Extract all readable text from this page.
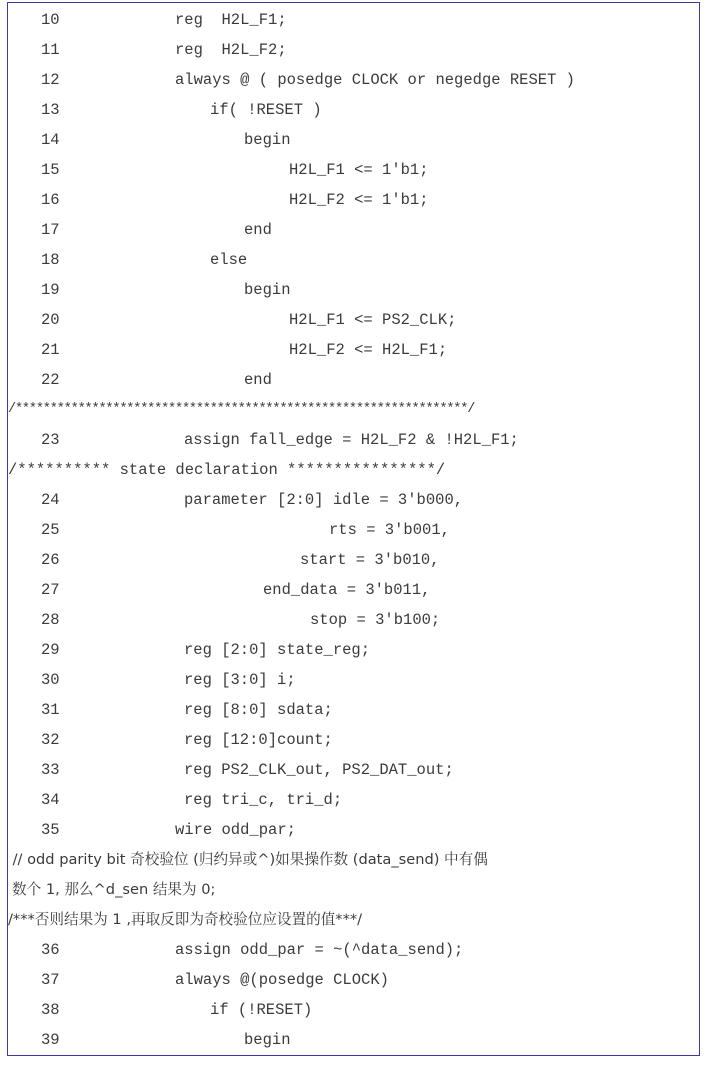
10	reg  H2L_F1;
11	reg  H2L_F2;
12	always @ ( posedge CLOCK or negedge RESET )
13	if( !RESET )
14	begin
15	H2L_F1 <= 1'b1;
16	H2L_F2 <= 1'b1;
17	end
18	else
19	begin
20	H2L_F1 <= PS2_CLK;
21	H2L_F2 <= H2L_F1;
22	end
/*****************************************************************/
23	assign fall_edge = H2L_F2 & !H2L_F1;
/********** state declaration ****************/
24	parameter [2:0] idle = 3'b000,
25	rts = 3'b001,
26	start = 3'b010,
27	end_data = 3'b011,
28	stop = 3'b100;
29	reg [2:0] state_reg;
30	reg [3:0] i;
31	reg [8:0] sdata;
32	reg [12:0]count;
33	reg PS2_CLK_out, PS2_DAT_out;
34	reg tri_c, tri_d;
35	wire odd_par;
// odd parity bit 奇校验位 (归约异或^)如果操作数 (data_send) 中有偶
数个 1, 那么^d_sen 结果为 0;
/***否则结果为 1 ,再取反即为奇校验位应设置的值***/
36	assign odd_par = ~(^data_send);
37	always @(posedge CLOCK)
38	if (!RESET)
39	begin
